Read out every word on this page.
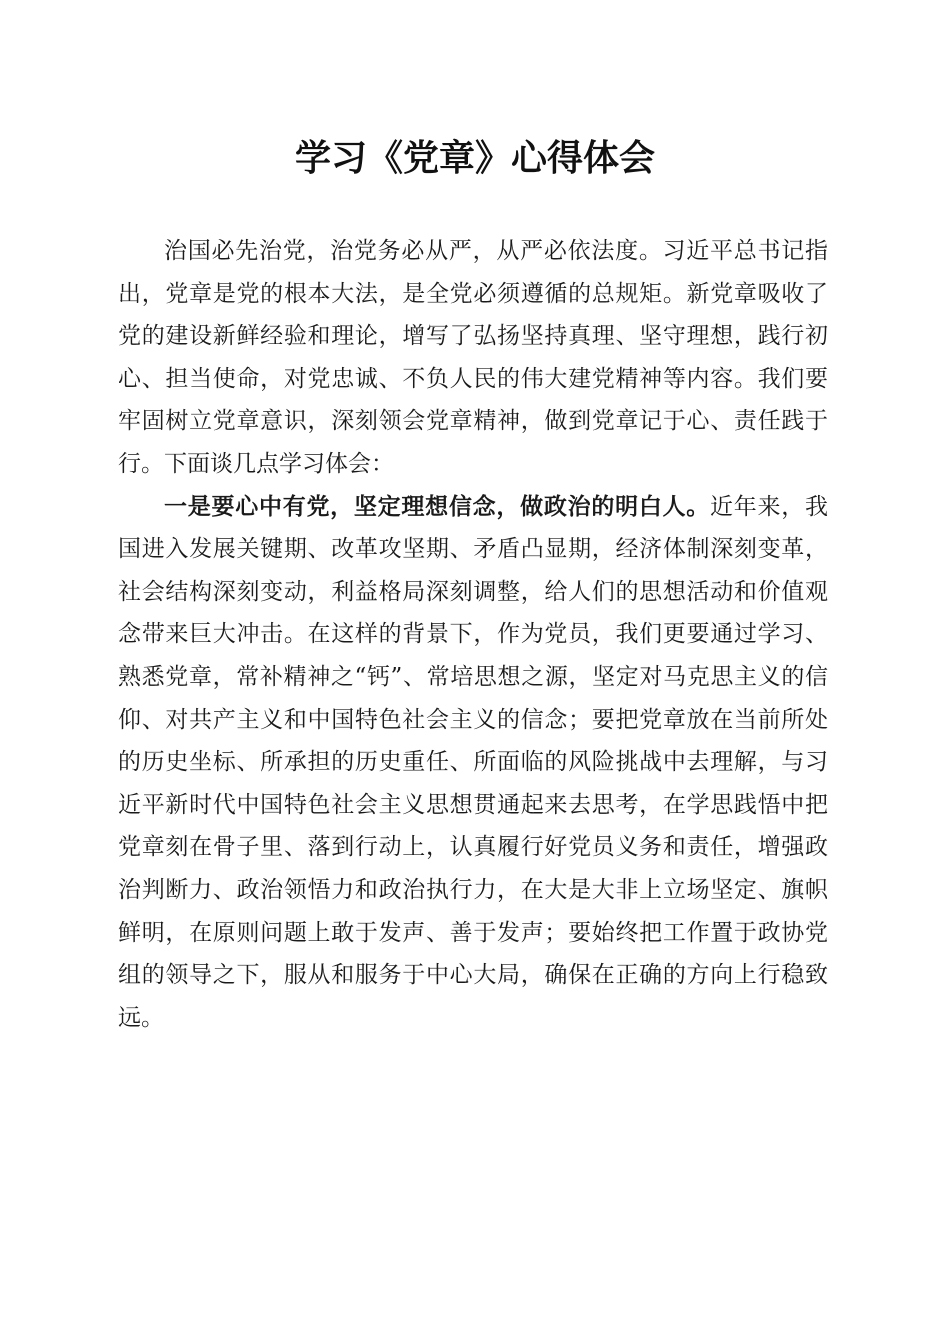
学习《党章》心得体会

治国必先治党，治党务必从严，从严必依法度。习近平总书记指出，党章是党的根本大法，是全党必须遵循的总规矩。新党章吸收了党的建设新鲜经验和理论，增写了弘扬坚持真理、坚守理想，践行初心、担当使命，对党忠诚、不负人民的伟大建党精神等内容。我们要牢固树立党章意识，深刻领会党章精神，做到党章记于心、责任践于行。下面谈几点学习体会：

一是要心中有党，坚定理想信念，做政治的明白人。近年来，我国进入发展关键期、改革攻坚期、矛盾凸显期，经济体制深刻变革，社会结构深刻变动，利益格局深刻调整，给人们的思想活动和价值观念带来巨大冲击。在这样的背景下，作为党员，我们更要通过学习、熟悉党章，常补精神之“钙”、常培思想之源，坚定对马克思主义的信仰、对共产主义和中国特色社会主义的信念；要把党章放在当前所处的历史坐标、所承担的历史重任、所面临的风险挑战中去理解，与习近平新时代中国特色社会主义思想贯通起来去思考，在学思践悟中把党章刻在骨子里、落到行动上，认真履行好党员义务和责任，增强政治判断力、政治领悟力和政治执行力，在大是大非上立场坚定、旗帜鲜明，在原则问题上敢于发声、善于发声；要始终把工作置于政协党组的领导之下，服从和服务于中心大局，确保在正确的方向上行稳致远。
